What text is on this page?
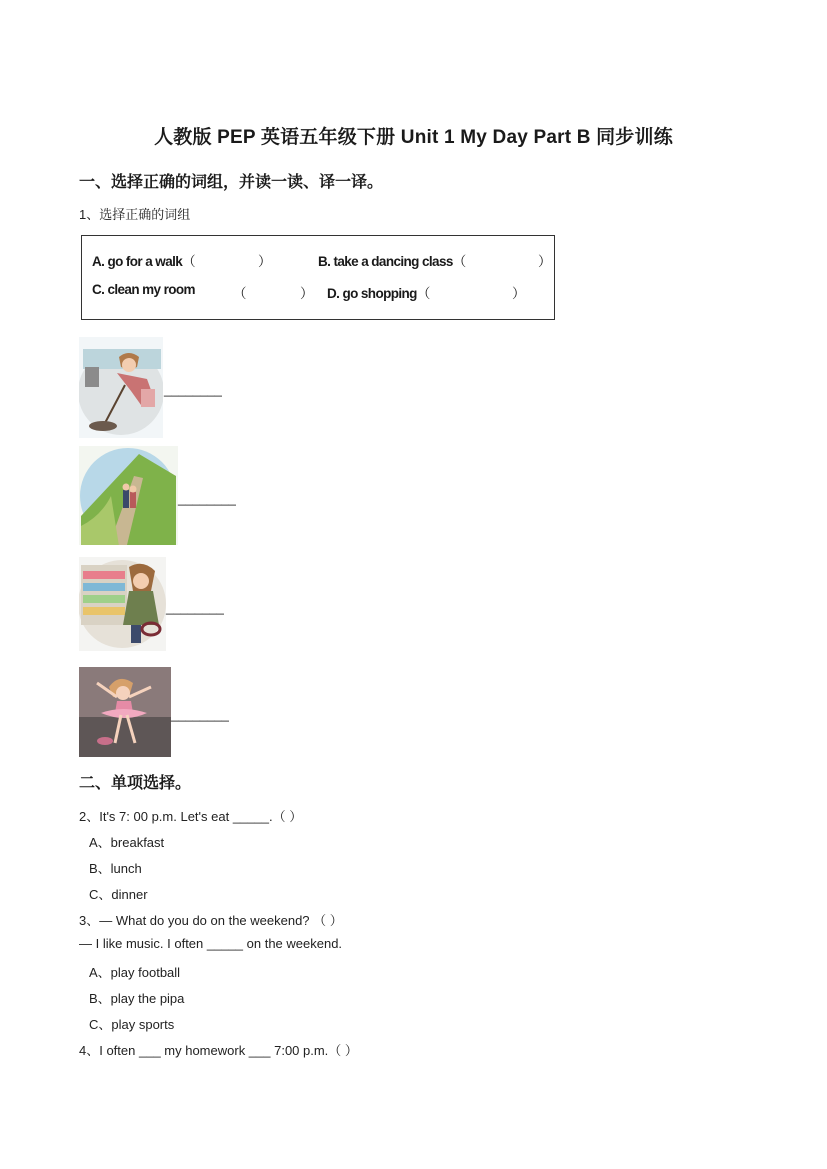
人教版 PEP 英语五年级下册 Unit 1 My Day Part B 同步训练
一、选择正确的词组，并读一读、译一译。
1、选择正确的词组
A. go for a walk（	）	B. take a dancing class（	）
C. clean my room	（	） D. go shopping（	）
________
________
________
________
二、单项选择。
2、It's 7: 00 p.m. Let's eat _____.（ ）
A、breakfast
B、lunch
C、dinner
3、— What do you do on the weekend? （ ）
— I like music. I often _____ on the weekend.
A、play football
B、play the pipa
C、play sports
4、I often ___ my homework ___ 7:00 p.m.（ ）
